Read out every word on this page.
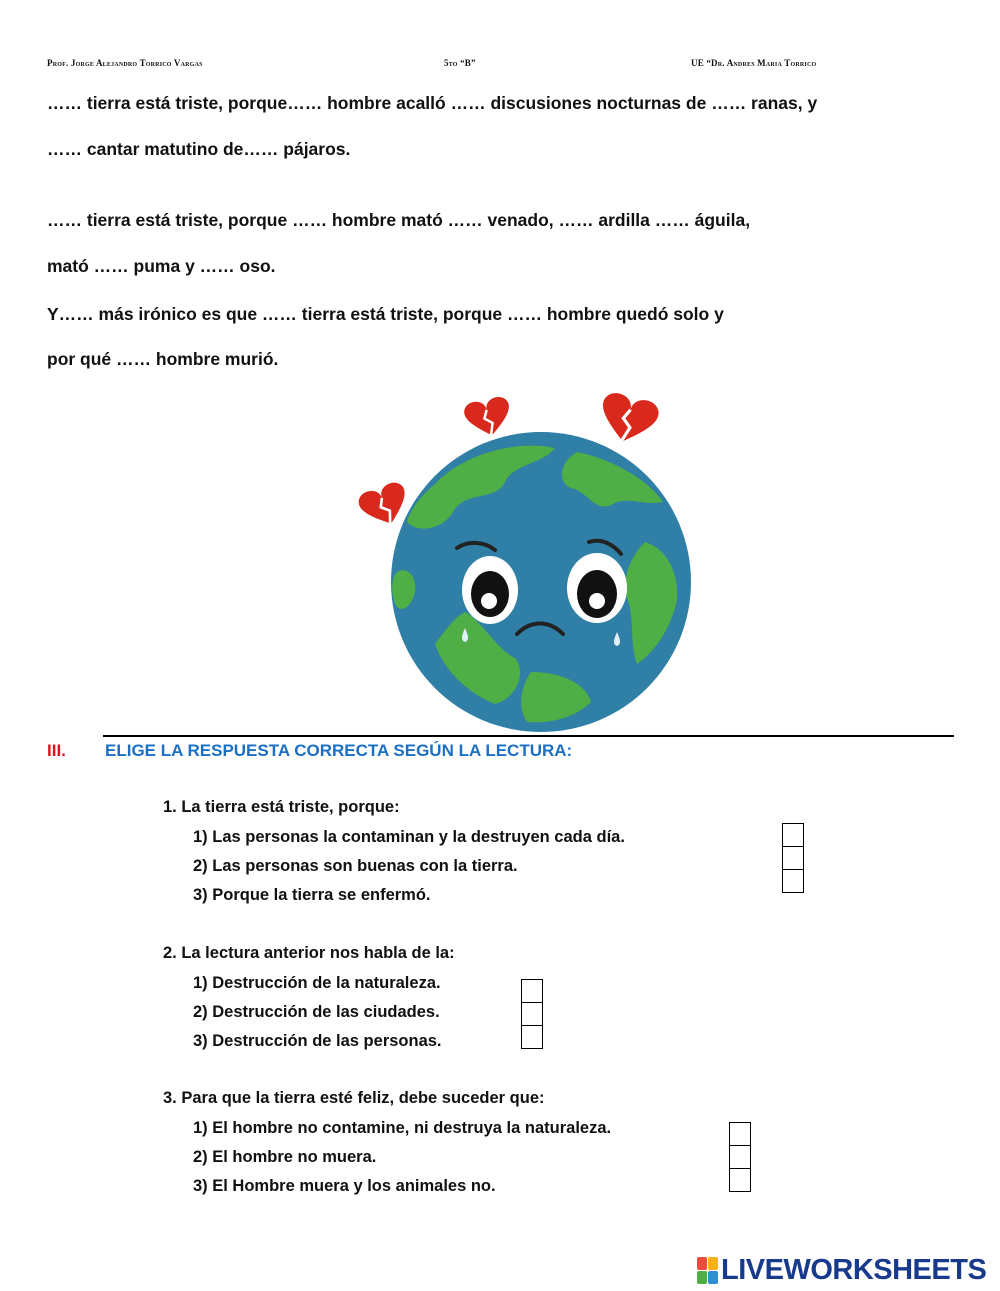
Prof. Jorge Alejandro Torrico Vargas	5to “B”	UE “Dr. Andres Maria Torrico
…… tierra está triste, porque…… hombre acalló …… discusiones nocturnas de …… ranas, y
…… cantar matutino de…… pájaros.
…… tierra está triste, porque …… hombre mató …… venado, …… ardilla …… águila,
mató …… puma y …… oso.
Y…… más irónico es que …… tierra está triste, porque …… hombre quedó solo y
por qué …… hombre murió.
III. ELIGE LA RESPUESTA CORRECTA SEGÚN LA LECTURA:
1. La tierra está triste, porque:
1) Las personas la contaminan y la destruyen cada día.
2) Las personas son buenas con la tierra.
3) Porque la tierra se enfermó.
2. La lectura anterior nos habla de la:
1) Destrucción de la naturaleza.
2) Destrucción de las ciudades.
3) Destrucción de las personas.
3. Para que la tierra esté feliz, debe suceder que:
1) El hombre no contamine, ni destruya la naturaleza.
2) El hombre no muera.
3) El Hombre muera y los animales no.
LIVEWORKSHEETS
